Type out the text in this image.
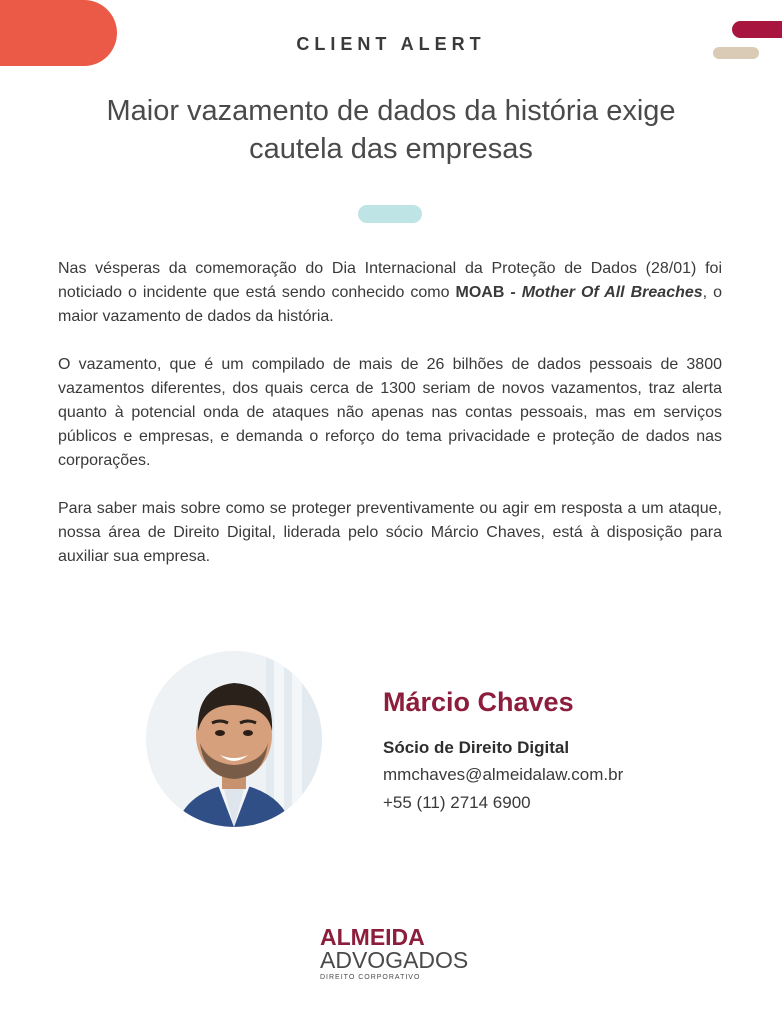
CLIENT ALERT
Maior vazamento de dados da história exige cautela das empresas

Nas vésperas da comemoração do Dia Internacional da Proteção de Dados (28/01) foi noticiado o incidente que está sendo conhecido como MOAB - Mother Of All Breaches, o maior vazamento de dados da história.

O vazamento, que é um compilado de mais de 26 bilhões de dados pessoais de 3800 vazamentos diferentes, dos quais cerca de 1300 seriam de novos vazamentos, traz alerta quanto à potencial onda de ataques não apenas nas contas pessoais, mas em serviços públicos e empresas, e demanda o reforço do tema privacidade e proteção de dados nas corporações.

Para saber mais sobre como se proteger preventivamente ou agir em resposta a um ataque, nossa área de Direito Digital, liderada pelo sócio Márcio Chaves, está à disposição para auxiliar sua empresa.

Márcio Chaves
Sócio de Direito Digital
mmchaves@almeidalaw.com.br
+55 (11) 2714 6900
ALMEIDA
ADVOGADOS
DIREITO CORPORATIVO
